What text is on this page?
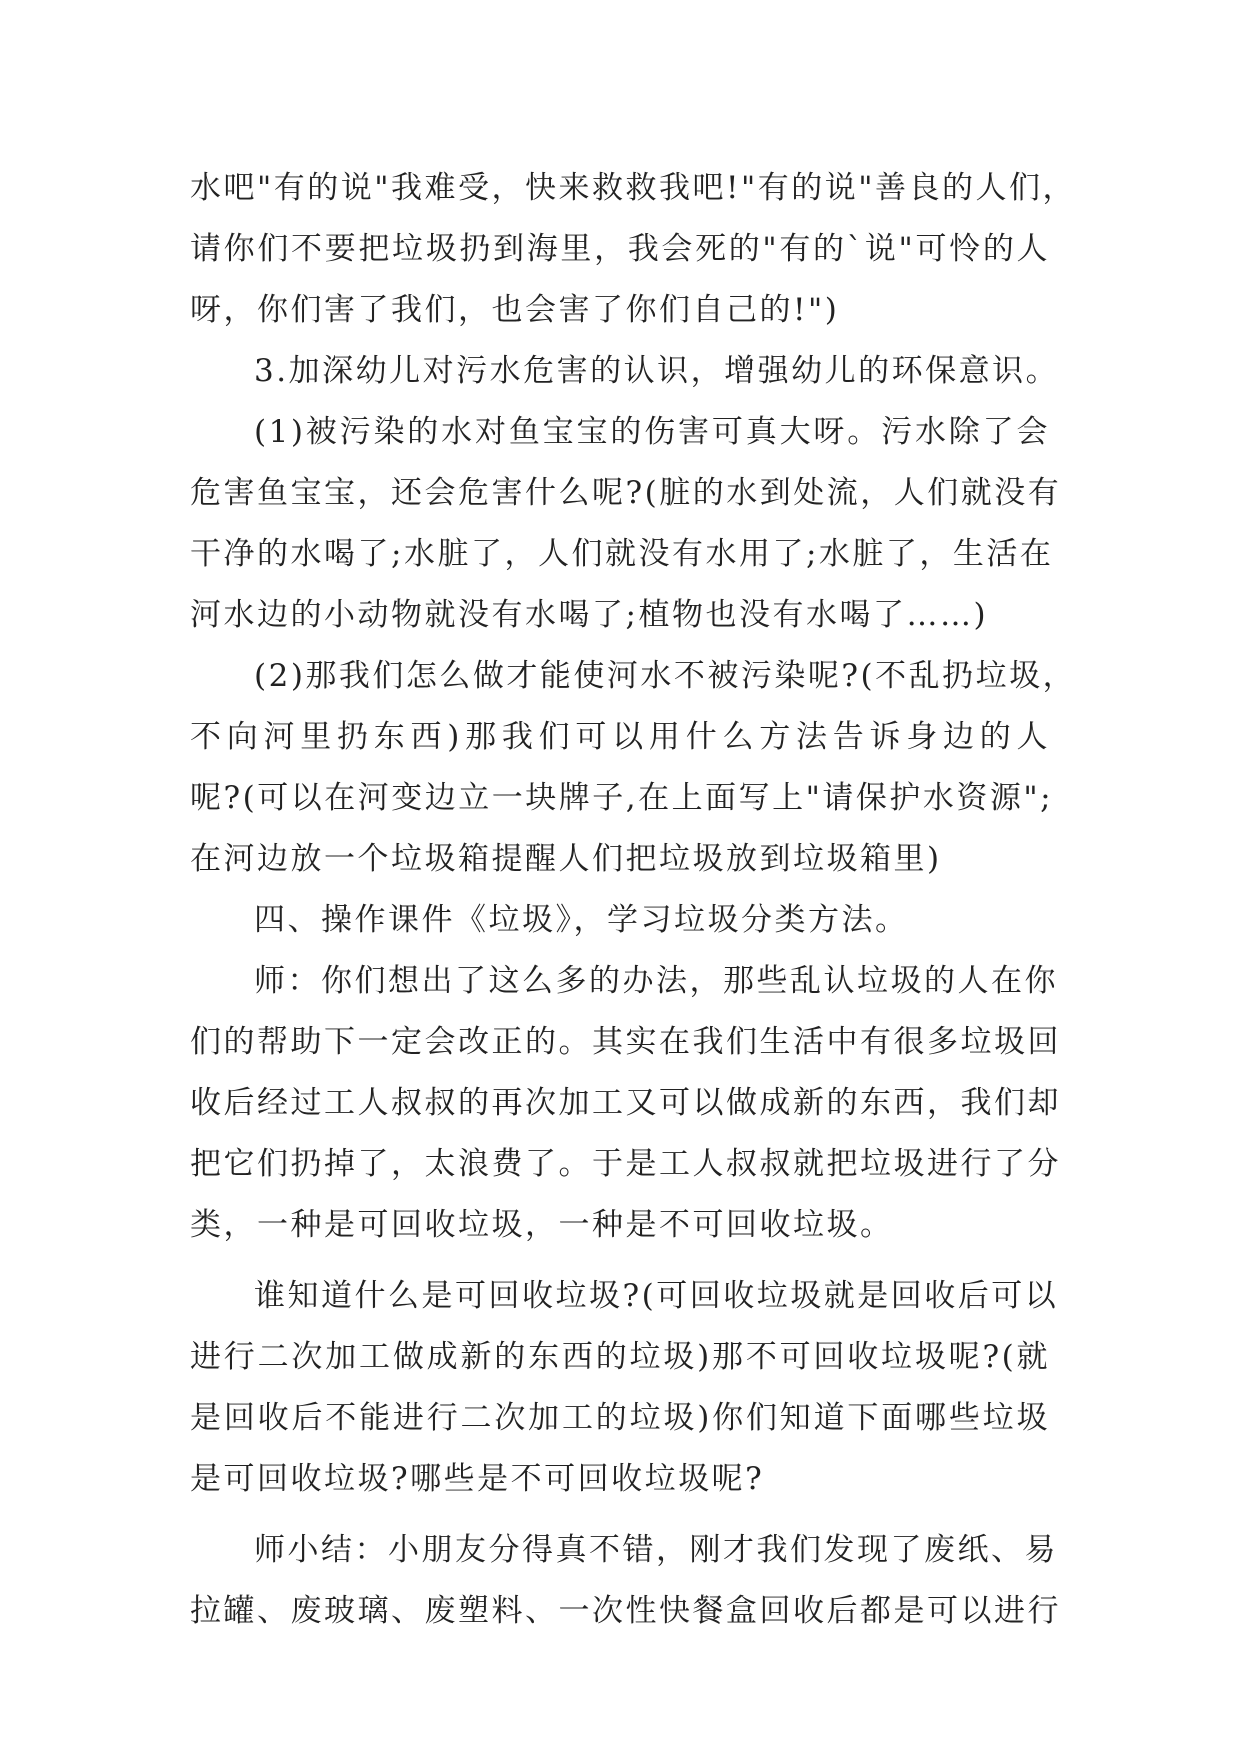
水吧"有的说"我难受，快来救救我吧!"有的说"善良的人们，
请你们不要把垃圾扔到海里，我会死的"有的`说"可怜的人
呀，你们害了我们，也会害了你们自己的!")
3.加深幼儿对污水危害的认识，增强幼儿的环保意识。
(1)被污染的水对鱼宝宝的伤害可真大呀。污水除了会
危害鱼宝宝，还会危害什么呢?(脏的水到处流，人们就没有
干净的水喝了;水脏了，人们就没有水用了;水脏了，生活在
河水边的小动物就没有水喝了;植物也没有水喝了……)
(2)那我们怎么做才能使河水不被污染呢?(不乱扔垃圾，
不向河里扔东西)那我们可以用什么方法告诉身边的人
呢?(可以在河变边立一块牌子,在上面写上"请保护水资源";
在河边放一个垃圾箱提醒人们把垃圾放到垃圾箱里)
四、操作课件《垃圾》，学习垃圾分类方法。
师：你们想出了这么多的办法，那些乱认垃圾的人在你
们的帮助下一定会改正的。其实在我们生活中有很多垃圾回
收后经过工人叔叔的再次加工又可以做成新的东西，我们却
把它们扔掉了，太浪费了。于是工人叔叔就把垃圾进行了分
类，一种是可回收垃圾，一种是不可回收垃圾。
谁知道什么是可回收垃圾?(可回收垃圾就是回收后可以
进行二次加工做成新的东西的垃圾)那不可回收垃圾呢?(就
是回收后不能进行二次加工的垃圾)你们知道下面哪些垃圾
是可回收垃圾?哪些是不可回收垃圾呢?
师小结：小朋友分得真不错，刚才我们发现了废纸、易
拉罐、废玻璃、废塑料、一次性快餐盒回收后都是可以进行
